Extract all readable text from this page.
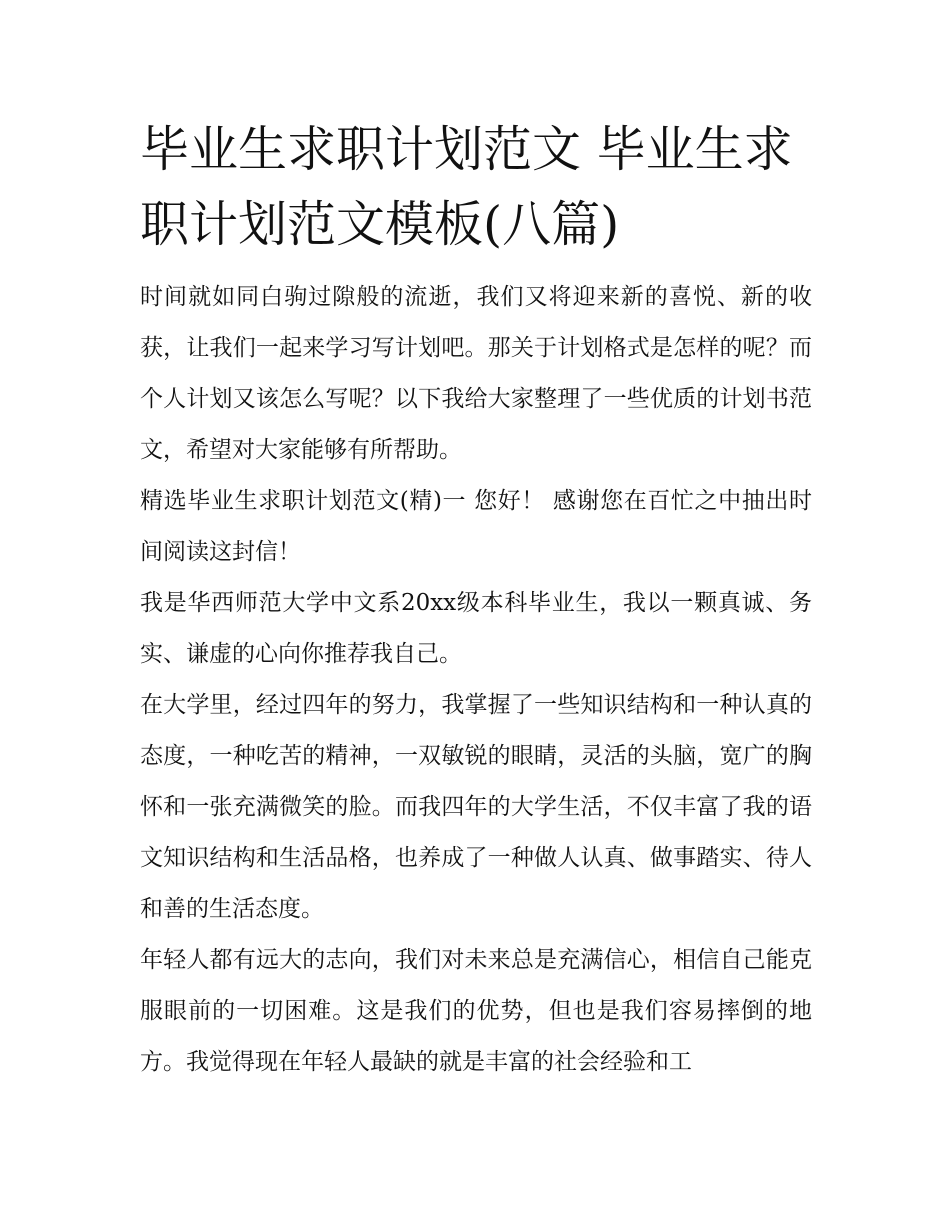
毕业生求职计划范文 毕业生求职计划范文模板(八篇)

时间就如同白驹过隙般的流逝，我们又将迎来新的喜悦、新的收获，让我们一起来学习写计划吧。那关于计划格式是怎样的呢？而个人计划又该怎么写呢？以下我给大家整理了一些优质的计划书范文，希望对大家能够有所帮助。

精选毕业生求职计划范文(精)一 您好！ 感谢您在百忙之中抽出时间阅读这封信！

我是华西师范大学中文系20xx级本科毕业生，我以一颗真诚、务实、谦虚的心向你推荐我自己。

在大学里，经过四年的努力，我掌握了一些知识结构和一种认真的态度，一种吃苦的精神，一双敏锐的眼睛，灵活的头脑，宽广的胸怀和一张充满微笑的脸。而我四年的大学生活，不仅丰富了我的语文知识结构和生活品格，也养成了一种做人认真、做事踏实、待人和善的生活态度。

年轻人都有远大的志向，我们对未来总是充满信心，相信自己能克服眼前的一切困难。这是我们的优势，但也是我们容易摔倒的地方。我觉得现在年轻人最缺的就是丰富的社会经验和工
